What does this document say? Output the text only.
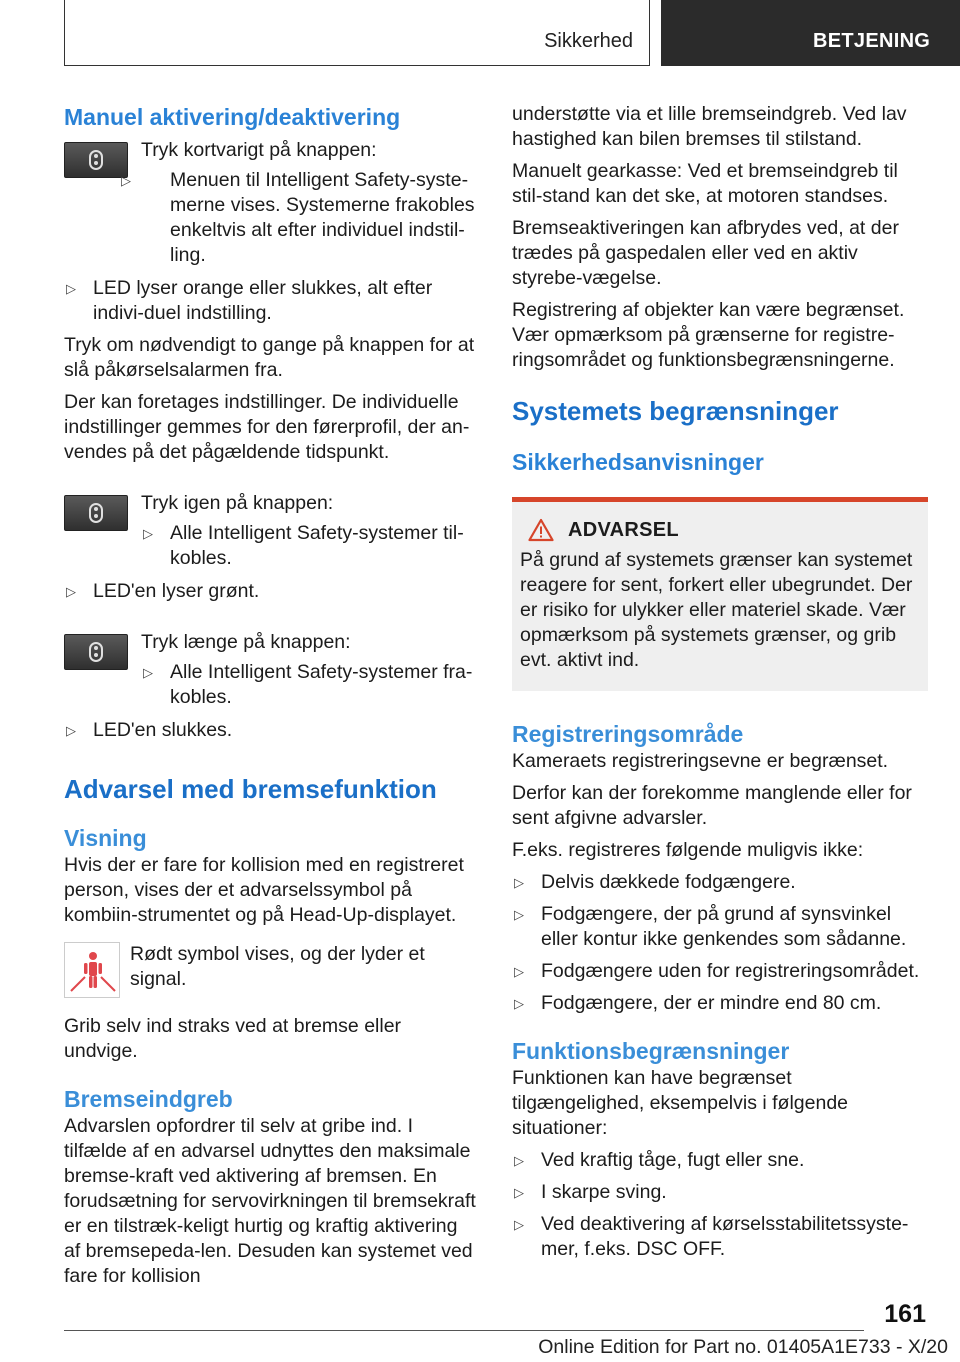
Sikkerhed	BETJENING
Manuel aktivering/deaktivering

Tryk kortvarigt på knappen:

▷ Menuen til Intelligent Safety-syste-merne vises. Systemerne frakobles enkeltvis alt efter individuel indstil-ling.
▷ LED lyser orange eller slukkes, alt efter indivi-duel indstilling.

Tryk om nødvendigt to gange på knappen for at slå påkørselsalarmen fra.

Der kan foretages indstillinger. De individuelle indstillinger gemmes for den førerprofil, der an-vendes på det pågældende tidspunkt.

Tryk igen på knappen:

▷ Alle Intelligent Safety-systemer til-kobles.
▷ LED'en lyser grønt.

Tryk længe på knappen:

▷ Alle Intelligent Safety-systemer fra-kobles.
▷ LED'en slukkes.
Advarsel med bremsefunktion
Visning

Hvis der er fare for kollision med en registreret person, vises der et advarselssymbol på kombiin-strumentet og på Head-Up-displayet.

Rødt symbol vises, og der lyder et signal.

Grib selv ind straks ved at bremse eller undvige.

Bremseindgreb

Advarslen opfordrer til selv at gribe ind. I tilfælde af en advarsel udnyttes den maksimale bremse-kraft ved aktivering af bremsen. En forudsætning for servovirkningen til bremsekraft er en tilstræk-keligt hurtig og kraftig aktivering af bremsepeda-len. Desuden kan systemet ved fare for kollision

understøtte via et lille bremseindgreb. Ved lav hastighed kan bilen bremses til stilstand.

Manuelt gearkasse: Ved et bremseindgreb til stil-stand kan det ske, at motoren standses.

Bremseaktiveringen kan afbrydes ved, at der trædes på gaspedalen eller ved en aktiv styrebe-vægelse.

Registrering af objekter kan være begrænset. Vær opmærksom på grænserne for registre-ringsområdet og funktionsbegrænsningerne.

Systemets begrænsninger
Sikkerhedsanvisninger
ADVARSEL

På grund af systemets grænser kan systemet reagere for sent, forkert eller ubegrundet. Der er risiko for ulykker eller materiel skade. Vær opmærksom på systemets grænser, og grib evt. aktivt ind.

Registreringsområde

Kameraets registreringsevne er begrænset.

Derfor kan der forekomme manglende eller for sent afgivne advarsler.

F.eks. registreres følgende muligvis ikke:

▷ Delvis dækkede fodgængere.
▷ Fodgængere, der på grund af synsvinkel eller kontur ikke genkendes som sådanne.
▷ Fodgængere uden for registreringsområdet.
▷ Fodgængere, der er mindre end 80 cm.
Funktionsbegrænsninger

Funktionen kan have begrænset tilgængelighed, eksempelvis i følgende situationer:

▷ Ved kraftig tåge, fugt eller sne.
▷ I skarpe sving.
▷ Ved deaktivering af kørselsstabilitetssyste-mer, f.eks. DSC OFF.
161
Online Edition for Part no. 01405A1E733 - X/20
